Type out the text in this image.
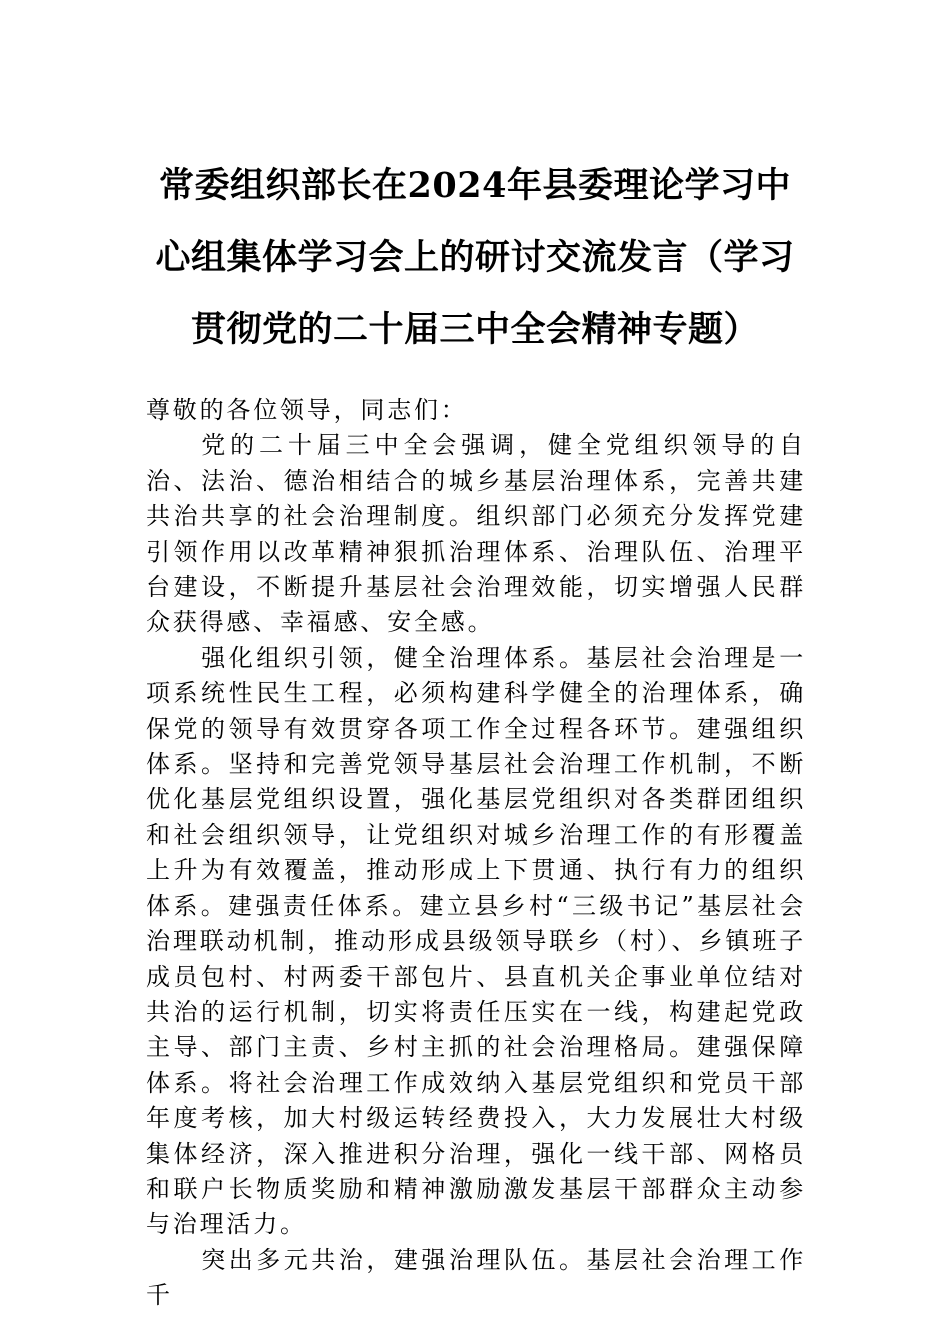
常委组织部长在2024年县委理论学习中心组集体学习会上的研讨交流发言（学习贯彻党的二十届三中全会精神专题）

尊敬的各位领导，同志们：

党的二十届三中全会强调，健全党组织领导的自治、法治、德治相结合的城乡基层治理体系，完善共建共治共享的社会治理制度。组织部门必须充分发挥党建引领作用以改革精神狠抓治理体系、治理队伍、治理平台建设，不断提升基层社会治理效能，切实增强人民群众获得感、幸福感、安全感。

强化组织引领，健全治理体系。基层社会治理是一项系统性民生工程，必须构建科学健全的治理体系，确保党的领导有效贯穿各项工作全过程各环节。建强组织体系。坚持和完善党领导基层社会治理工作机制，不断优化基层党组织设置，强化基层党组织对各类群团组织和社会组织领导，让党组织对城乡治理工作的有形覆盖上升为有效覆盖，推动形成上下贯通、执行有力的组织体系。建强责任体系。建立县乡村“三级书记”基层社会治理联动机制，推动形成县级领导联乡（村）、乡镇班子成员包村、村两委干部包片、县直机关企事业单位结对共治的运行机制，切实将责任压实在一线，构建起党政主导、部门主责、乡村主抓的社会治理格局。建强保障体系。将社会治理工作成效纳入基层党组织和党员干部年度考核，加大村级运转经费投入，大力发展壮大村级集体经济，深入推进积分治理，强化一线干部、网格员和联户长物质奖励和精神激励激发基层干部群众主动参与治理活力。

突出多元共治，建强治理队伍。基层社会治理工作千
